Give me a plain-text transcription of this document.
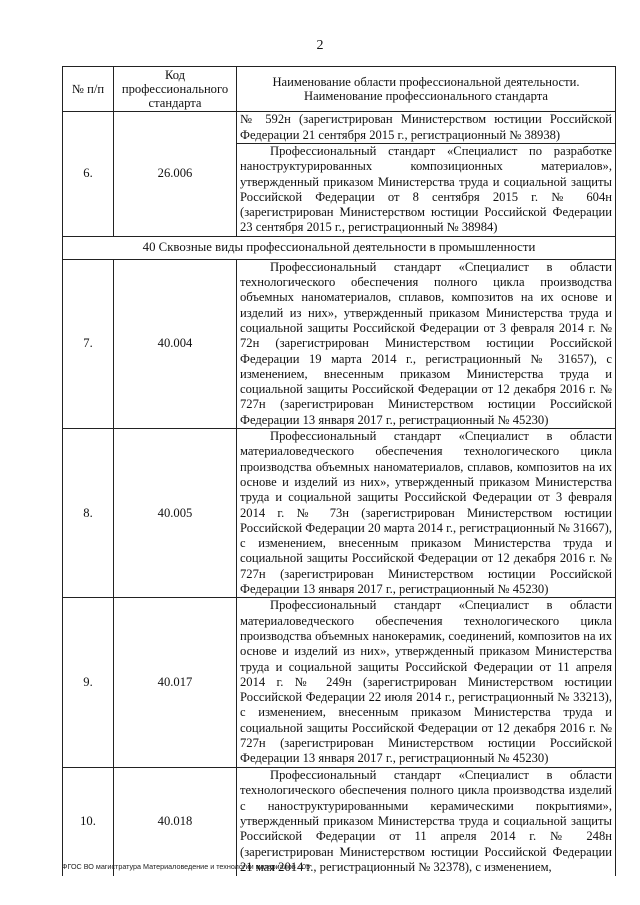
2
№ п/п	Код профессионального стандарта	Наименование области профессиональной деятельности.
Наименование профессионального стандарта
6.	26.006	№ 592н (зарегистрирован Министерством юстиции Российской Федерации 21 сентября 2015 г., регистрационный № 38938)
		Профессиональный стандарт «Специалист по разработке наноструктурированных композиционных материалов», утвержденный приказом Министерства труда и социальной защиты Российской Федерации от 8 сентября 2015 г. № 604н (зарегистрирован Министерством юстиции Российской Федерации 23 сентября 2015 г., регистрационный № 38984)
40 Сквозные виды профессиональной деятельности в промышленности		
7.	40.004	Профессиональный стандарт «Специалист в области технологического обеспечения полного цикла производства объемных наноматериалов, сплавов, композитов на их основе и изделий из них», утвержденный приказом Министерства труда и социальной защиты Российской Федерации от 3 февраля 2014 г. № 72н (зарегистрирован Министерством юстиции Российской Федерации 19 марта 2014 г., регистрационный № 31657), с изменением, внесенным приказом Министерства труда и социальной защиты Российской Федерации от 12 декабря 2016 г. № 727н (зарегистрирован Министерством юстиции Российской Федерации 13 января 2017 г., регистрационный № 45230)
8.	40.005	Профессиональный стандарт «Специалист в области материаловедческого обеспечения технологического цикла производства объемных наноматериалов, сплавов, композитов на их основе и изделий из них», утвержденный приказом Министерства труда и социальной защиты Российской Федерации от 3 февраля 2014 г. № 73н (зарегистрирован Министерством юстиции Российской Федерации 20 марта 2014 г., регистрационный № 31667), с изменением, внесенным приказом Министерства труда и социальной защиты Российской Федерации от 12 декабря 2016 г. № 727н (зарегистрирован Министерством юстиции Российской Федерации 13 января 2017 г., регистрационный № 45230)
9.	40.017	Профессиональный стандарт «Специалист в области материаловедческого обеспечения технологического цикла производства объемных нанокерамик, соединений, композитов на их основе и изделий из них», утвержденный приказом Министерства труда и социальной защиты Российской Федерации от 11 апреля 2014 г. № 249н (зарегистрирован Министерством юстиции Российской Федерации 22 июля 2014 г., регистрационный № 33213), с изменением, внесенным приказом Министерства труда и социальной защиты Российской Федерации от 12 декабря 2016 г. № 727н (зарегистрирован Министерством юстиции Российской Федерации 13 января 2017 г., регистрационный № 45230)
10.	40.018	Профессиональный стандарт «Специалист в области технологического обеспечения полного цикла производства изделий с наноструктурированными керамическими покрытиями», утвержденный приказом Министерства труда и социальной защиты Российской Федерации от 11 апреля 2014 г. № 248н (зарегистрирован Министерством юстиции Российской Федерации 21 мая 2014 г., регистрационный № 32378), с изменением,
ФГОС ВО магистратура Материаловедение и технологии материалов - 05
